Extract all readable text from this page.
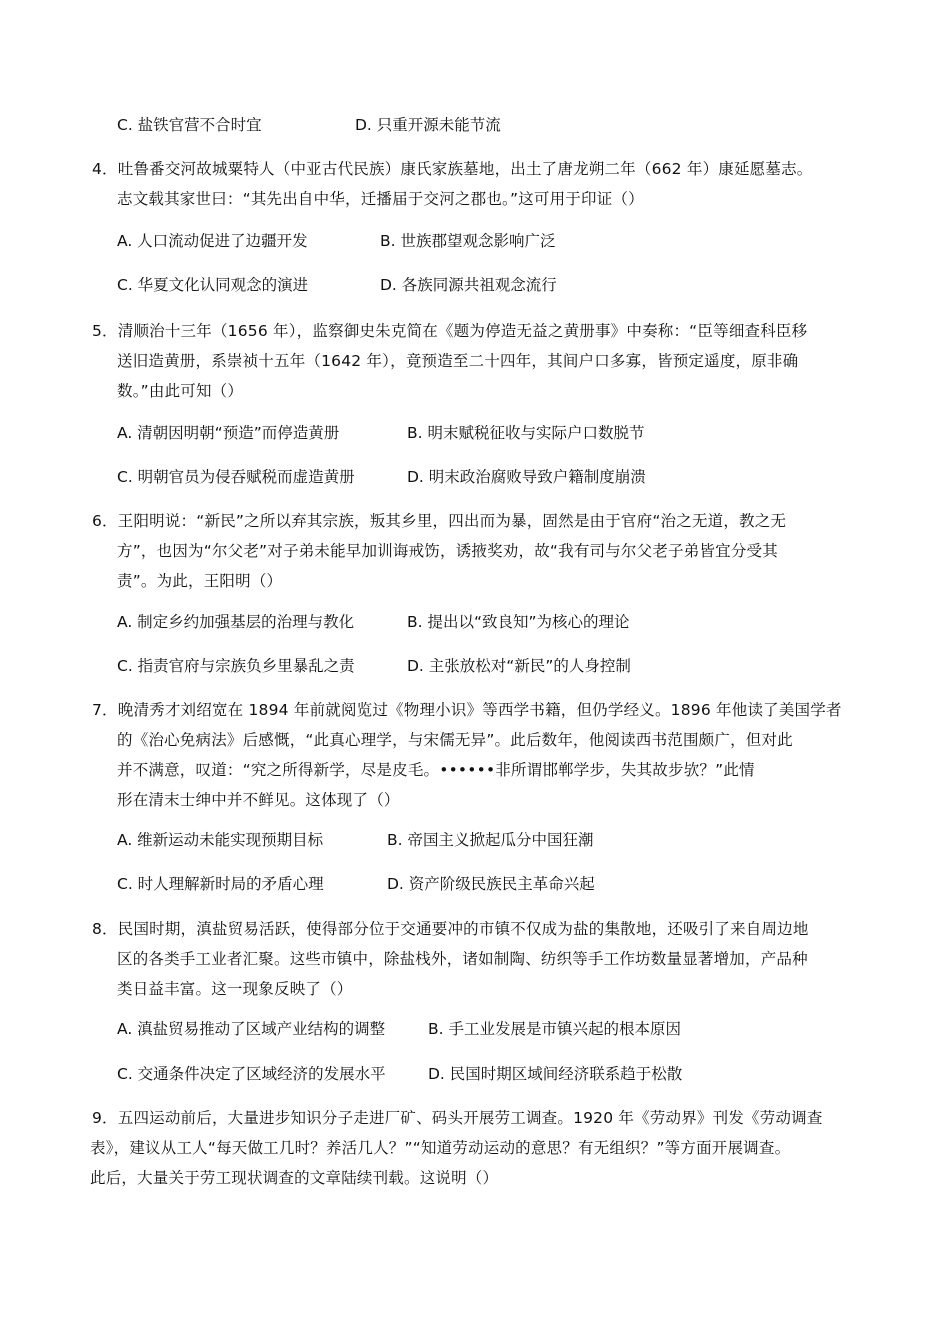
C. 盐铁官营不合时宜	D. 只重开源未能节流
4．吐鲁番交河故城粟特人（中亚古代民族）康氏家族墓地，出土了唐龙朔二年（662 年）康延愿墓志。
志文载其家世曰：“其先出自中华，迁播届于交河之郡也。”这可用于印证（）
A. 人口流动促进了边疆开发	B. 世族郡望观念影响广泛
C. 华夏文化认同观念的演进	D. 各族同源共祖观念流行
5．清顺治十三年（1656 年），监察御史朱克简在《题为停造无益之黄册事》中奏称：“臣等细查科臣移
送旧造黄册，系崇祯十五年（1642 年），竟预造至二十四年，其间户口多寡，皆预定遥度，原非确
数。”由此可知（）
A. 清朝因明朝“预造”而停造黄册	B. 明末赋税征收与实际户口数脱节
C. 明朝官员为侵吞赋税而虚造黄册	D. 明末政治腐败导致户籍制度崩溃
6．王阳明说：“新民”之所以弃其宗族，叛其乡里，四出而为暴，固然是由于官府“治之无道，教之无
方”，也因为“尔父老”对子弟未能早加训诲戒饬，诱掖奖劝，故“我有司与尔父老子弟皆宜分受其
责”。为此，王阳明（）
A. 制定乡约加强基层的治理与教化	B. 提出以“致良知”为核心的理论
C. 指责官府与宗族负乡里暴乱之责	D. 主张放松对“新民”的人身控制
7．晚清秀才刘绍宽在 1894 年前就阅览过《物理小识》等西学书籍，但仍学经义。1896 年他读了美国学者
的《治心免病法》后感慨，“此真心理学，与宋儒无异”。此后数年，他阅读西书范围颇广，但对此
并不满意，叹道：“究之所得新学，尽是皮毛。••••••非所谓邯郸学步，失其故步欤？”此情
形在清末士绅中并不鲜见。这体现了（）
A. 维新运动未能实现预期目标	B. 帝国主义掀起瓜分中国狂潮
C. 时人理解新时局的矛盾心理	D. 资产阶级民族民主革命兴起
8．民国时期，滇盐贸易活跃，使得部分位于交通要冲的市镇不仅成为盐的集散地，还吸引了来自周边地
区的各类手工业者汇聚。这些市镇中，除盐栈外，诸如制陶、纺织等手工作坊数量显著增加，产品种
类日益丰富。这一现象反映了（）
A. 滇盐贸易推动了区域产业结构的调整	B. 手工业发展是市镇兴起的根本原因
C. 交通条件决定了区域经济的发展水平	D. 民国时期区域间经济联系趋于松散
9．五四运动前后，大量进步知识分子走进厂矿、码头开展劳工调查。1920 年《劳动界》刊发《劳动调查
表》，建议从工人“每天做工几时？养活几人？”“知道劳动运动的意思？有无组织？”等方面开展调查。
此后，大量关于劳工现状调查的文章陆续刊载。这说明（）
